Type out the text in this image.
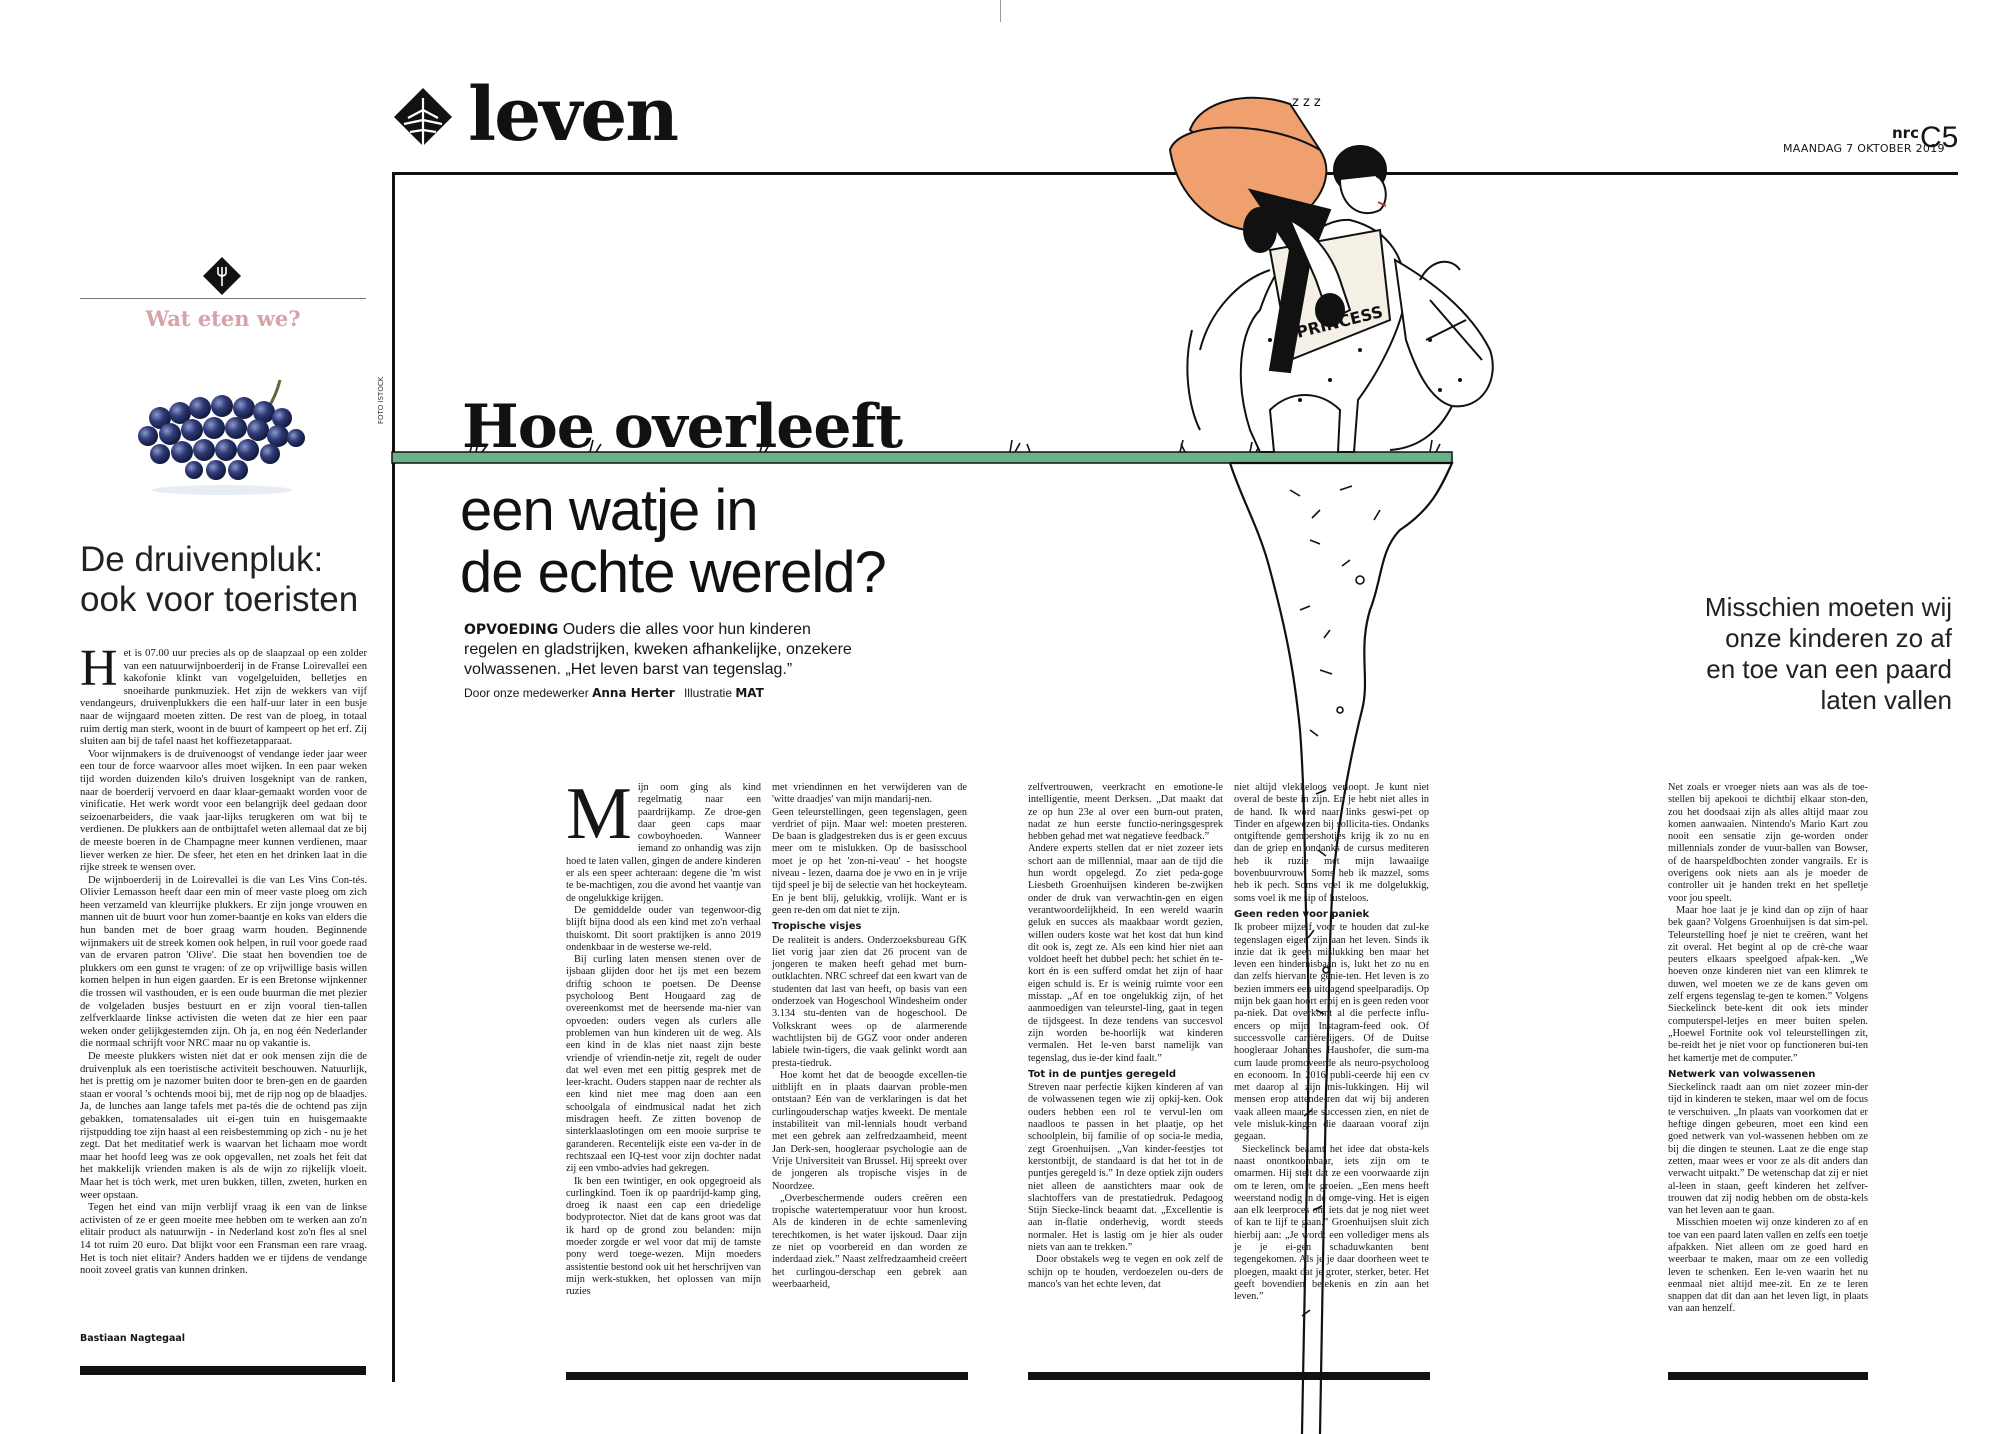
leven	nrc
MAANDAG 7 OKTOBER 2019
C5
Wat eten we?
De druivenpluk:
ook voor toeristen

Het is 07.00 uur precies als op de slaapzaal op een zolder van een natuurwijnboerderij in de Franse Loirevallei een kakofonie klinkt van vogelgeluiden, belletjes en snoeiharde punkmuziek. Het zijn de wekkers van vijf vendangeurs, druivenplukkers die een half-uur later in een busje naar de wijngaard moeten zitten. De rest van de ploeg, in totaal ruim dertig man sterk, woont in de buurt of kampeert op het erf. Zij sluiten aan bij de tafel naast het koffiezetapparaat.

Voor wijnmakers is de druivenoogst of vendange ieder jaar weer een tour de force waarvoor alles moet wijken. In een paar weken tijd worden duizenden kilo's druiven losgeknipt van de ranken, naar de boerderij vervoerd en daar klaar-gemaakt worden voor de vinificatie. Het werk wordt voor een belangrijk deel gedaan door seizoenarbeiders, die vaak jaar-lijks terugkeren om wat bij te verdienen. De plukkers aan de ontbijttafel weten allemaal dat ze bij de meeste boeren in de Champagne meer kunnen verdienen, maar liever werken ze hier. De sfeer, het eten en het drinken laat in die rijke streek te wensen over.

De wijnboerderij in de Loirevallei is die van Les Vins Con-tés. Olivier Lemasson heeft daar een min of meer vaste ploeg om zich heen verzameld van kleurrijke plukkers. Er zijn jonge vrouwen en mannen uit de buurt voor hun zomer-baantje en koks van elders die hun banden met de boer graag warm houden. Beginnende wijnmakers uit de streek komen ook helpen, in ruil voor goede raad van de ervaren patron 'Olive'. Die staat hen bovendien toe de plukkers om een gunst te vragen: of ze op vrijwillige basis willen komen helpen in hun eigen gaarden. Er is een Bretonse wijnkenner die trossen wil vasthouden, er is een oude buurman die met plezier de volgeladen busjes bestuurt en er zijn vooral tien-tallen zelfverklaarde linkse activisten die weten dat ze hier een paar weken onder gelijkgestemden zijn. Oh ja, en nog één Nederlander die normaal schrijft voor NRC maar nu op vakantie is.

De meeste plukkers wisten niet dat er ook mensen zijn die de druivenpluk als een toeristische activiteit beschouwen. Natuurlijk, het is prettig om je nazomer buiten door te bren-gen en de gaarden staan er vooral 's ochtends mooi bij, met de rijp nog op de blaadjes. Ja, de lunches aan lange tafels met pa-tés die de ochtend pas zijn gebakken, tomatensalades uit ei-gen tuin en huisgemaakte rijstpudding toe zijn haast al een reisbestemming op zich - nu je het zegt. Dat het meditatief werk is waarvan het lichaam moe wordt maar het hoofd leeg was ze ook opgevallen, net zoals het feit dat het makkelijk vrienden maken is als de wijn zo rijkelijk vloeit. Maar het is tóch werk, met uren bukken, tillen, zweten, hurken en weer opstaan.

Tegen het eind van mijn verblijf vraag ik een van de linkse activisten of ze er geen moeite mee hebben om te werken aan zo'n elitair product als natuurwijn - in Nederland kost zo'n fles al snel 14 tot ruim 20 euro. Dat blijkt voor een Fransman een rare vraag. Het is toch niet elitair? Anders hadden we er tijdens de vendange nooit zoveel gratis van kunnen drinken.

Bastiaan Nagtegaal
z z z
Hoe overleeft
een watje in
de echte wereld?
FOTO ISTOCK
OPVOEDING Ouders die alles voor hun kinderen regelen en gladstrijken, kweken afhankelijke, onzekere volwassenen. „Het leven barst van tegenslag.”
Door onze medewerker Anna Herter Illustratie MAT
Misschien moeten wij onze kinderen zo af en toe van een paard laten vallen

Mijn oom ging als kind regelmatig naar een paardrijkamp. Ze droe-gen daar geen caps maar cowboyhoeden. Wanneer iemand zo onhandig was zijn hoed te laten vallen, gingen de andere kinderen er als een speer achteraan: degene die 'm wist te be-machtigen, zou die avond het vaantje van de ongelukkige krijgen.

De gemiddelde ouder van tegenwoor-dig blijft bijna dood als een kind met zo'n verhaal thuiskomt. Dit soort praktijken is anno 2019 ondenkbaar in de westerse we-reld.

Bij curling laten mensen stenen over de ijsbaan glijden door het ijs met een bezem driftig schoon te poetsen. De Deense psycholoog Bent Hougaard zag de overeenkomst met de heersende ma-nier van opvoeden: ouders vegen als curlers alle problemen van hun kinderen uit de weg. Als een kind in de klas niet naast zijn beste vriendje of vriendin-netje zit, regelt de ouder dat wel even met een pittig gesprek met de leer-kracht. Ouders stappen naar de rechter als een kind niet mee mag doen aan een schoolgala of eindmusical nadat het zich misdragen heeft. Ze zitten bovenop de sinterklaaslotingen om een mooie surprise te garanderen. Recentelijk eiste een va-der in de rechtszaal een IQ-test voor zijn dochter nadat zij een vmbo-advies had gekregen.

Ik ben een twintiger, en ook opgegroeid als curlingkind. Toen ik op paardrijd-kamp ging, droeg ik naast een cap een driedelige bodyprotector. Niet dat de kans groot was dat ik hard op de grond zou belanden: mijn moeder zorgde er wel voor dat mij de tamste pony werd toege-wezen. Mijn moeders assistentie bestond ook uit het herschrijven van mijn werk-stukken, het oplossen van mijn ruzies

met vriendinnen en het verwijderen van de 'witte draadjes' van mijn mandarij-nen.

Geen teleurstellingen, geen tegenslagen, geen verdriet of pijn. Maar wel: moeten presteren. De baan is gladgestreken dus is er geen excuus meer om te mislukken. Op de basisschool moet je op het 'zon-ni-veau' - het hoogste niveau - lezen, daarna doe je vwo en in je vrije tijd speel je bij de selectie van het hockeyteam. En je bent blij, gelukkig, vrolijk. Want er is geen re-den om dat niet te zijn.

Tropische visjes

De realiteit is anders. Onderzoeksbureau GfK liet vorig jaar zien dat 26 procent van de jongeren te maken heeft gehad met burn-outklachten. NRC schreef dat een kwart van de studenten dat last van heeft, op basis van een onderzoek van Hogeschool Windesheim onder 3.134 stu-denten van de hogeschool. De Volkskrant wees op de alarmerende wachtlijsten bij de GGZ voor onder anderen labiele twin-tigers, die vaak gelinkt wordt aan presta-tiedruk.

Hoe komt het dat de beoogde excellen-tie uitblijft en in plaats daarvan proble-men ontstaan? Eén van de verklaringen is dat het curlingouderschap watjes kweekt. De mentale instabiliteit van mil-lennials houdt verband met een gebrek aan zelfredzaamheid, meent Jan Derk-sen, hoogleraar psychologie aan de Vrije Universiteit van Brussel. Hij spreekt over de jongeren als tropische visjes in de Noordzee.

„Overbeschermende ouders creëren een tropische watertemperatuur voor hun kroost. Als de kinderen in de echte samenleving terechtkomen, is het water ijskoud. Daar zijn ze niet op voorbereid en dan worden ze inderdaad ziek.” Naast zelfredzaamheid creëert het curlingou-derschap een gebrek aan weerbaarheid,

zelfvertrouwen, veerkracht en emotione-le intelligentie, meent Derksen. „Dat maakt dat ze op hun 23e al over een burn-out praten, nadat ze hun eerste functio-neringsgesprek hebben gehad met wat negatieve feedback.”

Andere experts stellen dat er niet zozeer iets schort aan de millennial, maar aan de tijd die hun wordt opgelegd. Zo ziet peda-goge Liesbeth Groenhuijsen kinderen be-zwijken onder de druk van verwachtin-gen en eigen verantwoordelijkheid. In een wereld waarin geluk en succes als maakbaar wordt gezien, willen ouders koste wat het kost dat hun kind dit ook is, zegt ze. Als een kind hier niet aan voldoet heeft het dubbel pech: het schiet én te-kort én is een sufferd omdat het zijn of haar eigen schuld is. Er is weinig ruimte voor een misstap. „Af en toe ongelukkig zijn, of het aanmoedigen van teleurstel-ling, gaat in tegen de tijdsgeest. In deze tendens van succesvol zijn worden be-hoorlijk wat kinderen vermalen. Het le-ven barst namelijk van tegenslag, dus ie-der kind faalt.”

Tot in de puntjes geregeld

Streven naar perfectie kijken kinderen af van de volwassenen tegen wie zij opkij-ken. Ook ouders hebben een rol te vervul-len om naadloos te passen in het plaatje, op het schoolplein, bij familie of op socia-le media, zegt Groenhuijsen. „Van kinder-feestjes tot kerstontbijt, de standaard is dat het tot in de puntjes geregeld is.” In deze optiek zijn ouders niet alleen de aanstichters maar ook de slachtoffers van de prestatiedruk. Pedagoog Stijn Siecke-linck beaamt dat. „Excellentie is aan in-flatie onderhevig, wordt steeds normaler. Het is lastig om je hier als ouder niets van aan te trekken.”

Door obstakels weg te vegen en ook zelf de schijn op te houden, verdoezelen ou-ders de manco's van het echte leven, dat

niet altijd vlekkeloos verloopt. Je kunt niet overal de beste in zijn. En je hebt niet alles in de hand. Ik word naar links geswi-pet op Tinder en afgewezen bij sollicita-ties. Ondanks ontgiftende gembershotjes krijg ik zo nu en dan de griep en ondanks de cursus mediteren heb ik ruzie met mijn lawaaiige bovenbuurvrouw. Soms heb ik mazzel, soms heb ik pech. Soms voel ik me dolgelukkig, soms voel ik me sip of lusteloos.

Geen reden voor paniek

Ik probeer mijzelf voor te houden dat zul-ke tegenslagen eigen zijn aan het leven. Sinds ik inzie dat ik geen mislukking ben maar het leven een hindernisbaan is, lukt het zo nu en dan zelfs hiervan te genie-ten. Het leven is zo bezien immers een uitdagend speelparadijs. Op mijn bek gaan hoort erbij en is geen reden voor pa-niek. Dat overkomt al die perfecte influ-encers op mijn Instagram-feed ook. Of successvolle carrièretijgers. Of de Duitse hoogleraar Johannes Haushofer, die sum-ma cum laude promoveerde als neuro-psycholoog en econoom. In 2016 publi-ceerde hij een cv met daarop al zijn mis-lukkingen. Hij wil mensen erop attende-ren dat wij bij anderen vaak alleen maar de successen zien, en niet de vele misluk-kingen die daaraan vooraf zijn gegaan.

Sieckelinck beaamt het idee dat obsta-kels naast onontkoombaar, iets zijn om te omarmen. Hij stelt dat ze een voorwaarde zijn om te leren, om te groeien. „Een mens heeft weerstand nodig in de omge-ving. Het is eigen aan elk leerproces om iets dat je nog niet weet of kan te lijf te gaan.” Groenhuijsen sluit zich hierbij aan: „Je wordt een vollediger mens als je je ei-gen schaduwkanten bent tegengekomen. Als je je daar doorheen weet te ploegen, maakt dat je groter, sterker, beter. Het geeft bovendien betekenis en zin aan het leven.”

Net zoals er vroeger niets aan was als de toe-stellen bij apekooi te dichtbij elkaar ston-den, zou het doodsaai zijn als alles altijd maar zou komen aanwaaien. Nintendo's Mario Kart zou nooit een sensatie zijn ge-worden onder millennials zonder de vuur-ballen van Bowser, of de haarspeldbochten zonder vangrails. Er is overigens ook niets aan als je moeder de controller uit je handen trekt en het spelletje voor jou speelt.

Maar hoe laat je je kind dan op zijn of haar bek gaan? Volgens Groenhuijsen is dat sim-pel. Teleurstelling hoef je niet te creëren, want het zit overal. Het begint al op de crè-che waar peuters elkaars speelgoed afpak-ken. „We hoeven onze kinderen niet van een klimrek te duwen, wel moeten we ze de kans geven om zelf ergens tegenslag te-gen te komen.” Volgens Sieckelinck bete-kent dit ook iets minder computerspel-letjes en meer buiten spelen. „Hoewel Fortnite ook vol teleurstellingen zit, be-reidt het je niet voor op functioneren bui-ten het kamertje met de computer.”

Netwerk van volwassenen

Sieckelinck raadt aan om niet zozeer min-der tijd in kinderen te steken, maar wel om de focus te verschuiven. „In plaats van voorkomen dat er heftige dingen gebeuren, moet een kind een goed netwerk van vol-wassenen hebben om ze bij die dingen te steunen. Laat ze die enge stap zetten, maar wees er voor ze als dit anders dan verwacht uitpakt.” De wetenschap dat zij er niet al-leen in staan, geeft kinderen het zelfver-trouwen dat zij nodig hebben om de obsta-kels van het leven aan te gaan.

Misschien moeten wij onze kinderen zo af en toe van een paard laten vallen en zelfs een toetje afpakken. Niet alleen om ze goed hard en weerbaar te maken, maar om ze een volledig leven te schenken. Een le-ven waarin het nu eenmaal niet altijd mee-zit. En ze te leren snappen dat dit dan aan het leven ligt, in plaats van aan henzelf.
